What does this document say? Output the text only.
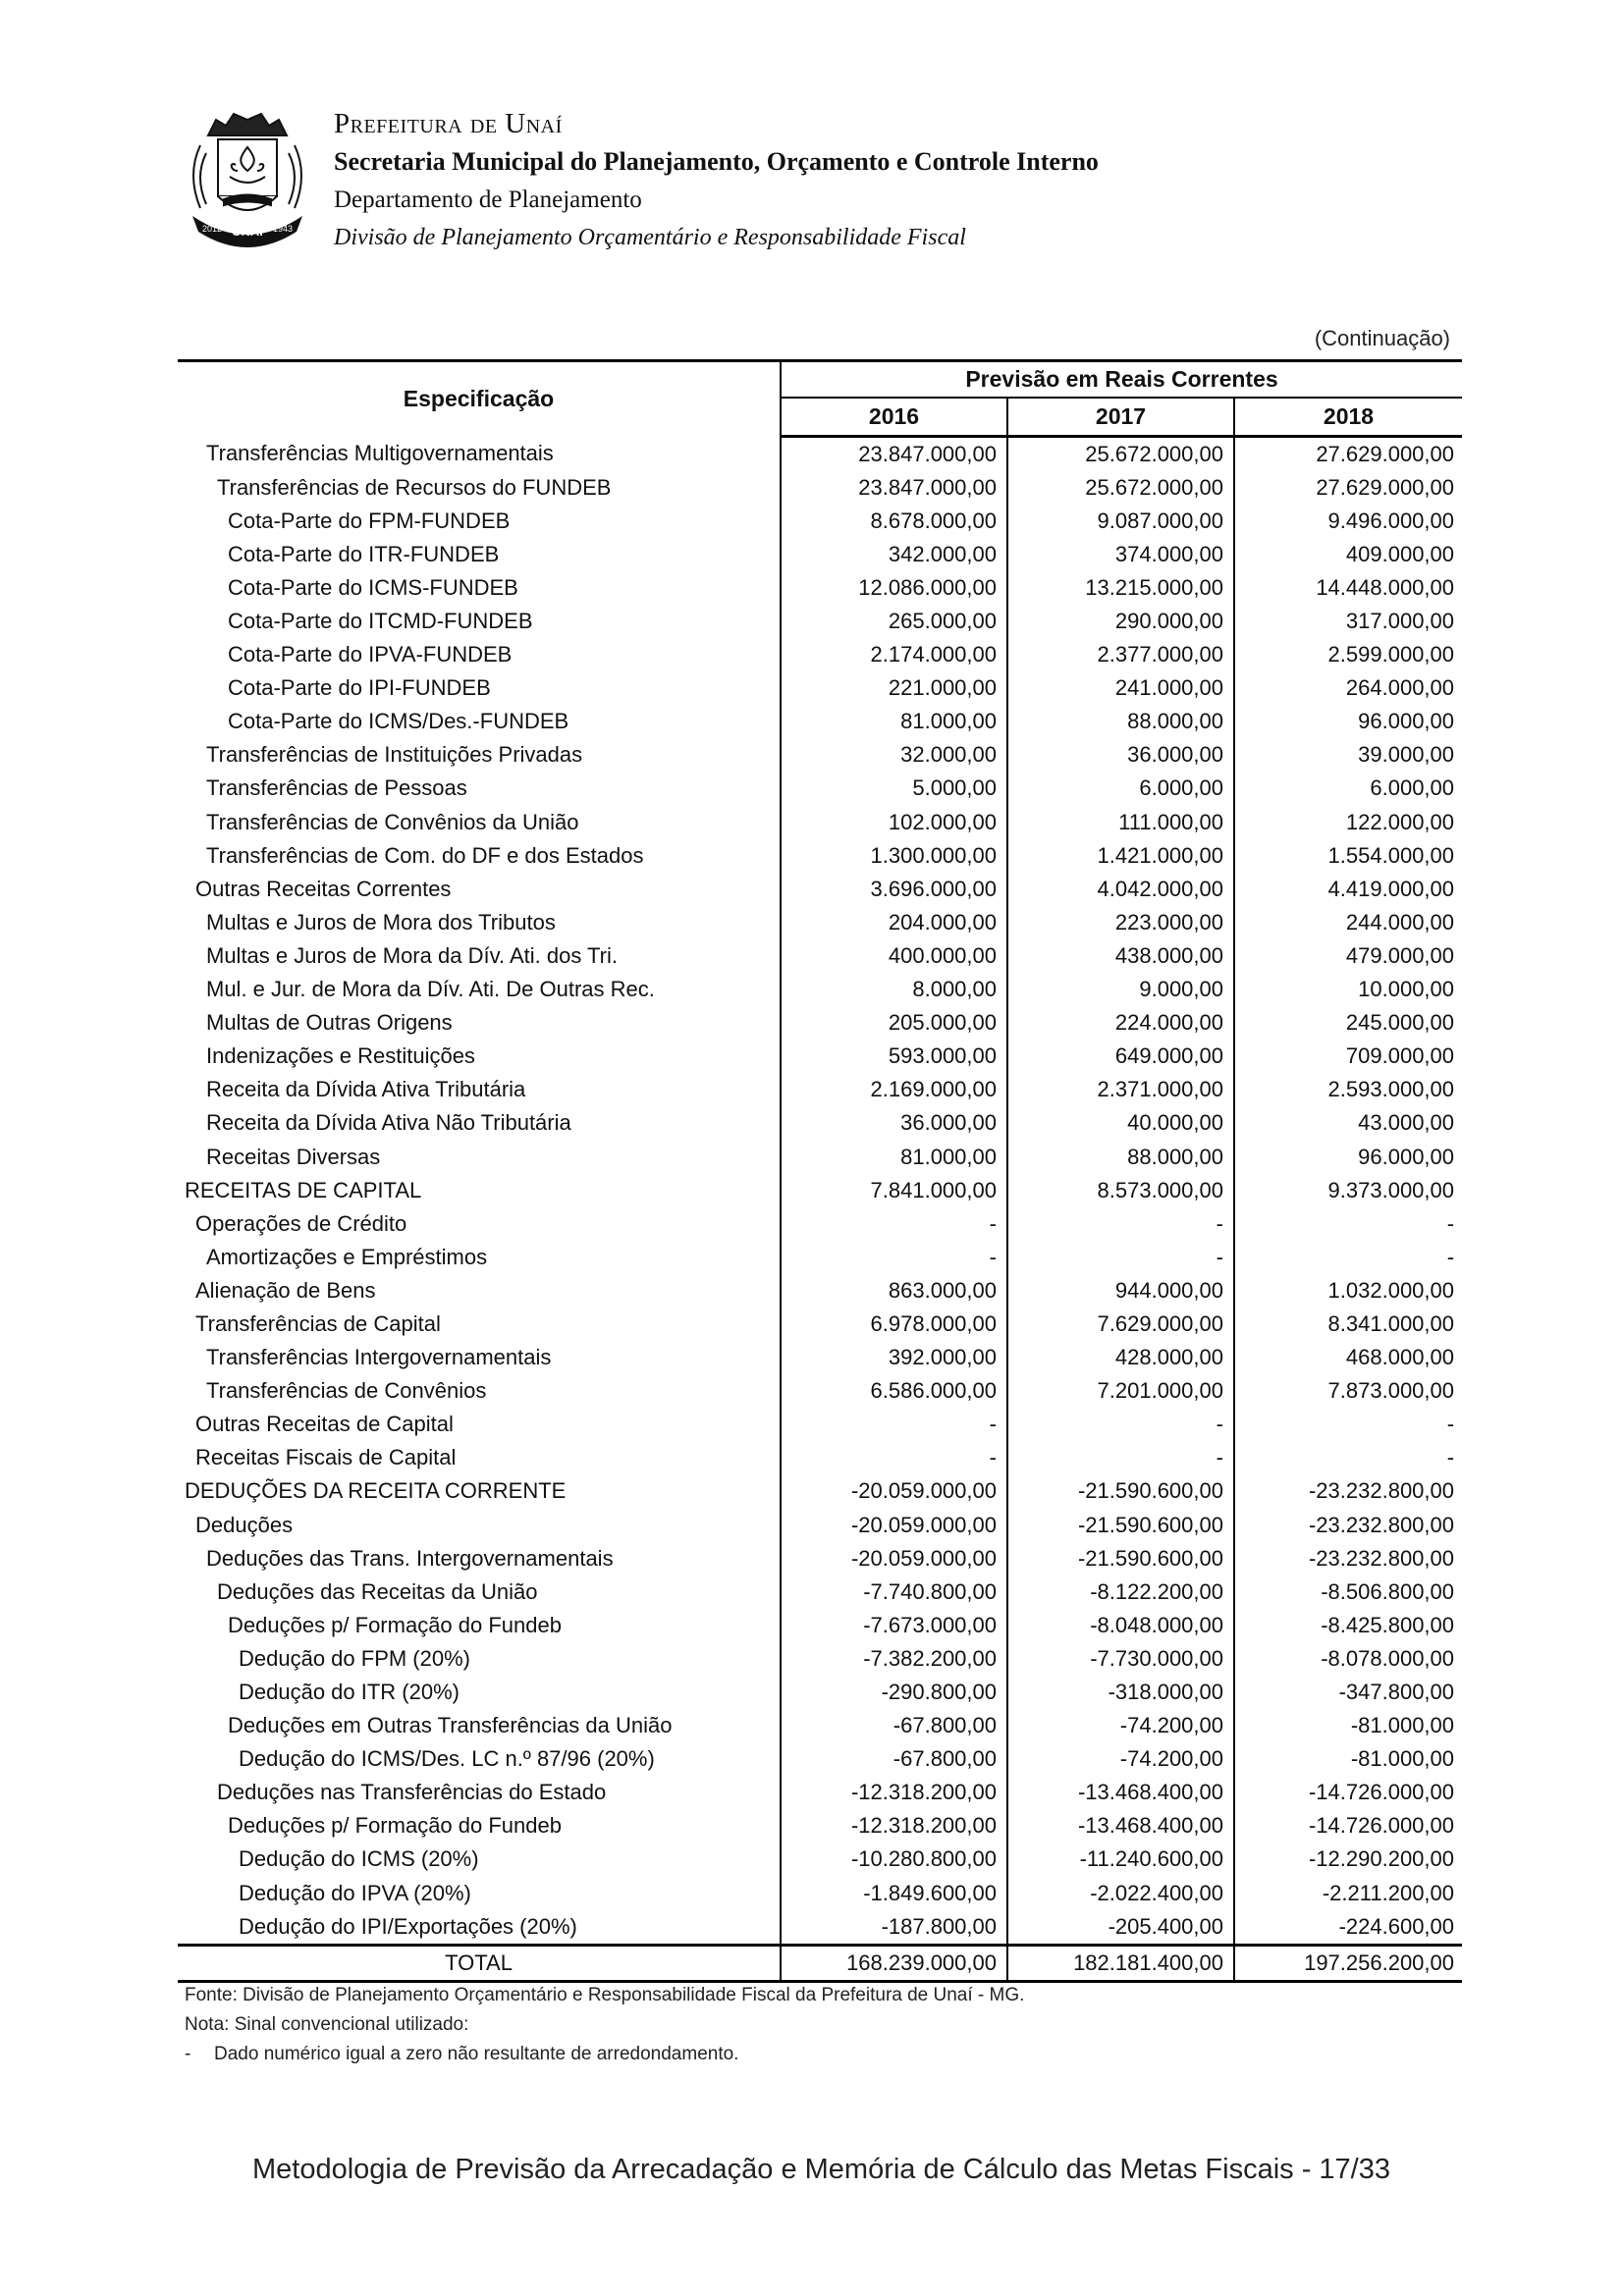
UNAÍ
2012	1943
Prefeitura de Unaí
Secretaria Municipal do Planejamento, Orçamento e Controle Interno
Departamento de Planejamento
Divisão de Planejamento Orçamentário e Responsabilidade Fiscal
(Continuação)
Especificação	Previsão em Reais Correntes		
	2016	2017	2018
Transferências Multigovernamentais	23.847.000,00	25.672.000,00	27.629.000,00
Transferências de Recursos do FUNDEB	23.847.000,00	25.672.000,00	27.629.000,00
Cota-Parte do FPM-FUNDEB	8.678.000,00	9.087.000,00	9.496.000,00
Cota-Parte do ITR-FUNDEB	342.000,00	374.000,00	409.000,00
Cota-Parte do ICMS-FUNDEB	12.086.000,00	13.215.000,00	14.448.000,00
Cota-Parte do ITCMD-FUNDEB	265.000,00	290.000,00	317.000,00
Cota-Parte do IPVA-FUNDEB	2.174.000,00	2.377.000,00	2.599.000,00
Cota-Parte do IPI-FUNDEB	221.000,00	241.000,00	264.000,00
Cota-Parte do ICMS/Des.-FUNDEB	81.000,00	88.000,00	96.000,00
Transferências de Instituições Privadas	32.000,00	36.000,00	39.000,00
Transferências de Pessoas	5.000,00	6.000,00	6.000,00
Transferências de Convênios da União	102.000,00	111.000,00	122.000,00
Transferências de Com. do DF e dos Estados	1.300.000,00	1.421.000,00	1.554.000,00
Outras Receitas Correntes	3.696.000,00	4.042.000,00	4.419.000,00
Multas e Juros de Mora dos Tributos	204.000,00	223.000,00	244.000,00
Multas e Juros de Mora da Dív. Ati. dos Tri.	400.000,00	438.000,00	479.000,00
Mul. e Jur. de Mora da Dív. Ati. De Outras Rec.	8.000,00	9.000,00	10.000,00
Multas de Outras Origens	205.000,00	224.000,00	245.000,00
Indenizações e Restituições	593.000,00	649.000,00	709.000,00
Receita da Dívida Ativa Tributária	2.169.000,00	2.371.000,00	2.593.000,00
Receita da Dívida Ativa Não Tributária	36.000,00	40.000,00	43.000,00
Receitas Diversas	81.000,00	88.000,00	96.000,00
RECEITAS DE CAPITAL	7.841.000,00	8.573.000,00	9.373.000,00
Operações de Crédito	-	-	-
Amortizações e Empréstimos	-	-	-
Alienação de Bens	863.000,00	944.000,00	1.032.000,00
Transferências de Capital	6.978.000,00	7.629.000,00	8.341.000,00
Transferências Intergovernamentais	392.000,00	428.000,00	468.000,00
Transferências de Convênios	6.586.000,00	7.201.000,00	7.873.000,00
Outras Receitas de Capital	-	-	-
Receitas Fiscais de Capital	-	-	-
DEDUÇÕES DA RECEITA CORRENTE	-20.059.000,00	-21.590.600,00	-23.232.800,00
Deduções	-20.059.000,00	-21.590.600,00	-23.232.800,00
Deduções das Trans. Intergovernamentais	-20.059.000,00	-21.590.600,00	-23.232.800,00
Deduções das Receitas da União	-7.740.800,00	-8.122.200,00	-8.506.800,00
Deduções p/ Formação do Fundeb	-7.673.000,00	-8.048.000,00	-8.425.800,00
Dedução do FPM (20%)	-7.382.200,00	-7.730.000,00	-8.078.000,00
Dedução do ITR (20%)	-290.800,00	-318.000,00	-347.800,00
Deduções em Outras Transferências da União	-67.800,00	-74.200,00	-81.000,00
Dedução do ICMS/Des. LC n.º 87/96 (20%)	-67.800,00	-74.200,00	-81.000,00
Deduções nas Transferências do Estado	-12.318.200,00	-13.468.400,00	-14.726.000,00
Deduções p/ Formação do Fundeb	-12.318.200,00	-13.468.400,00	-14.726.000,00
Dedução do ICMS (20%)	-10.280.800,00	-11.240.600,00	-12.290.200,00
Dedução do IPVA (20%)	-1.849.600,00	-2.022.400,00	-2.211.200,00
Dedução do IPI/Exportações (20%)	-187.800,00	-205.400,00	-224.600,00
TOTAL	168.239.000,00	182.181.400,00	197.256.200,00
Fonte: Divisão de Planejamento Orçamentário e Responsabilidade Fiscal da Prefeitura de Unaí - MG.
Nota: Sinal convencional utilizado:
- Dado numérico igual a zero não resultante de arredondamento.
Metodologia de Previsão da Arrecadação e Memória de Cálculo das Metas Fiscais - 17/33
